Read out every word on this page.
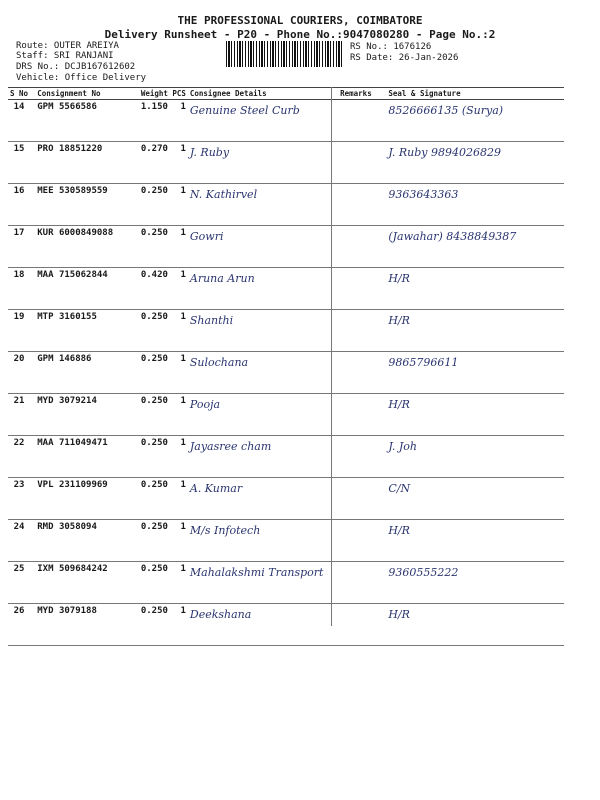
THE PROFESSIONAL COURIERS, COIMBATORE
Delivery Runsheet - P20 - Phone No.:9047080280 - Page No.:2
Route: OUTER AREIYA
Staff: SRI RANJANI
DRS No.: DCJB167612602
Vehicle: Office Delivery
RS No.: 1676126
RS Date: 26-Jan-2026
S No	Consignment No	Weight	PCS	Consignee Details	Remarks	Seal & Signature
14	GPM 5566586	1.150	1	Genuine Steel Curb		8526666135 (Surya)

15	PRO 18851220	0.270	1	J. Ruby		J. Ruby 9894026829

16	MEE 530589559	0.250	1	N. Kathirvel		9363643363

17	KUR 6000849088	0.250	1	Gowri		(Jawahar) 8438849387

18	MAA 715062844	0.420	1	Aruna Arun		H/R

19	MTP 3160155	0.250	1	Shanthi		H/R

20	GPM 146886	0.250	1	Sulochana		9865796611

21	MYD 3079214	0.250	1	Pooja		H/R

22	MAA 711049471	0.250	1	Jayasree cham		J. Joh

23	VPL 231109969	0.250	1	A. Kumar		C/N

24	RMD 3058094	0.250	1	M/s Infotech		H/R

25	IXM 509684242	0.250	1	Mahalakshmi Transport		9360555222

26	MYD 3079188	0.250	1	Deekshana		H/R
